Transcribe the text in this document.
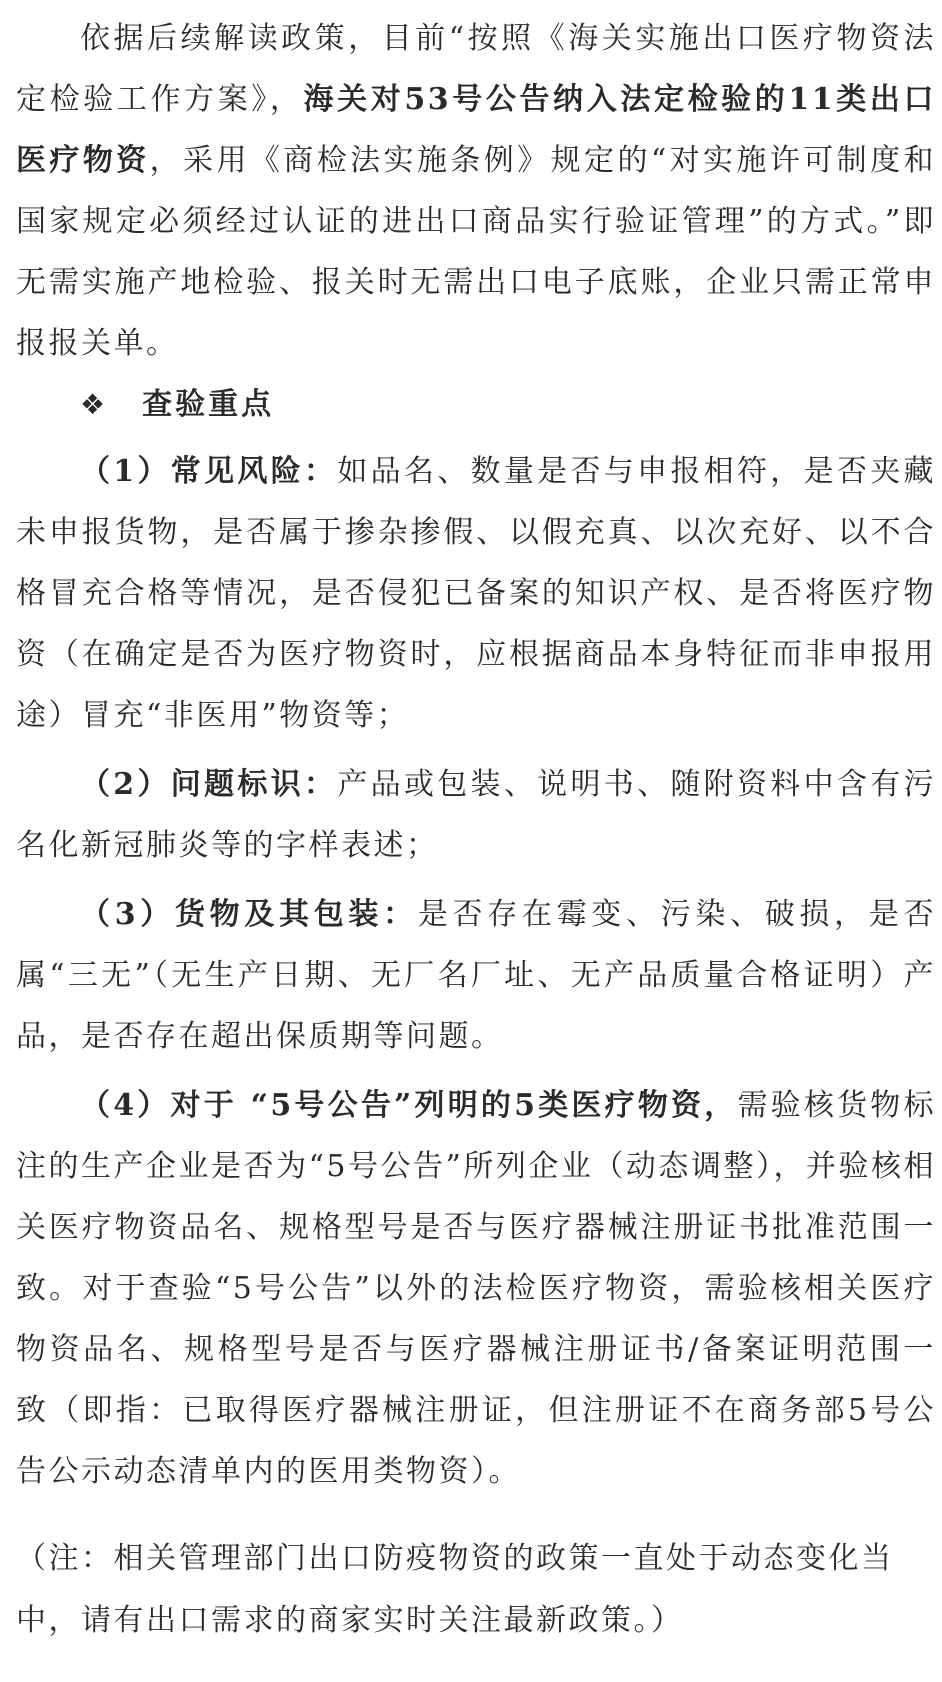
依据后续解读政策，目前“按照《海关实施出口医疗物资法定检验工作方案》，海关对53号公告纳入法定检验的11类出口医疗物资，采用《商检法实施条例》规定的“对实施许可制度和国家规定必须经过认证的进出口商品实行验证管理”的方式。”即无需实施产地检验、报关时无需出口电子底账，企业只需正常申报报关单。

❖ 查验重点

（1）常见风险：如品名、数量是否与申报相符，是否夹藏未申报货物，是否属于掺杂掺假、以假充真、以次充好、以不合格冒充合格等情况，是否侵犯已备案的知识产权、是否将医疗物资（在确定是否为医疗物资时，应根据商品本身特征而非申报用途）冒充“非医用”物资等；

（2）问题标识：产品或包装、说明书、随附资料中含有污名化新冠肺炎等的字样表述；

（3）货物及其包装：是否存在霉变、污染、破损，是否属“三无”（无生产日期、无厂名厂址、无产品质量合格证明）产品，是否存在超出保质期等问题。

（4）对于 “5号公告”列明的5类医疗物资，需验核货物标注的生产企业是否为“5号公告”所列企业（动态调整），并验核相关医疗物资品名、规格型号是否与医疗器械注册证书批准范围一致。对于查验“5号公告”以外的法检医疗物资，需验核相关医疗物资品名、规格型号是否与医疗器械注册证书/备案证明范围一致（即指：已取得医疗器械注册证，但注册证不在商务部5号公告公示动态清单内的医用类物资）。

（注：相关管理部门出口防疫物资的政策一直处于动态变化当中，请有出口需求的商家实时关注最新政策。）
